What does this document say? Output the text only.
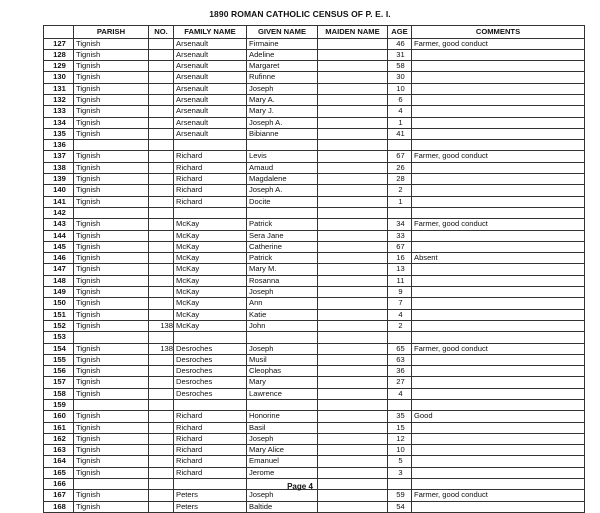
1890 ROMAN CATHOLIC CENSUS OF P. E. I.
	PARISH	NO.	FAMILY NAME	GIVEN NAME	MAIDEN NAME	AGE	COMMENTS
127	Tignish		Arsenault	Firmaine		46	Farmer, good conduct
128	Tignish		Arsenault	Adeline		31	
129	Tignish		Arsenault	Margaret		58	
130	Tignish		Arsenault	Rufinne		30	
131	Tignish		Arsenault	Joseph		10	
132	Tignish		Arsenault	Mary A.		6	
133	Tignish		Arsenault	Mary J.		4	
134	Tignish		Arsenault	Joseph A.		1	
135	Tignish		Arsenault	Bibianne		41	
136							
137	Tignish		Richard	Levis		67	Farmer, good conduct
138	Tignish		Richard	Amaud		26	
139	Tignish		Richard	Magdalene		28	
140	Tignish		Richard	Joseph A.		2	
141	Tignish		Richard	Docite		1	
142							
143	Tignish		McKay	Patrick		34	Farmer, good conduct
144	Tignish		McKay	Sera Jane		33	
145	Tignish		McKay	Catherine		67	
146	Tignish		McKay	Patrick		16	Absent
147	Tignish		McKay	Mary M.		13	
148	Tignish		McKay	Rosanna		11	
149	Tignish		McKay	Joseph		9	
150	Tignish		McKay	Ann		7	
151	Tignish		McKay	Katie		4	
152	Tignish	138	McKay	John		2	
153							
154	Tignish	138	Desroches	Joseph		65	Farmer, good conduct
155	Tignish		Desroches	Musil		63	
156	Tignish		Desroches	Cleophas		36	
157	Tignish		Desroches	Mary		27	
158	Tignish		Desroches	Lawrence		4	
159							
160	Tignish		Richard	Honorine		35	Good
161	Tignish		Richard	Basil		15	
162	Tignish		Richard	Joseph		12	
163	Tignish		Richard	Mary Alice		10	
164	Tignish		Richard	Emanuel		5	
165	Tignish		Richard	Jerome		3	
166							
167	Tignish		Peters	Joseph		59	Farmer, good conduct
168	Tignish		Peters	Baltide		54	
Page 4
